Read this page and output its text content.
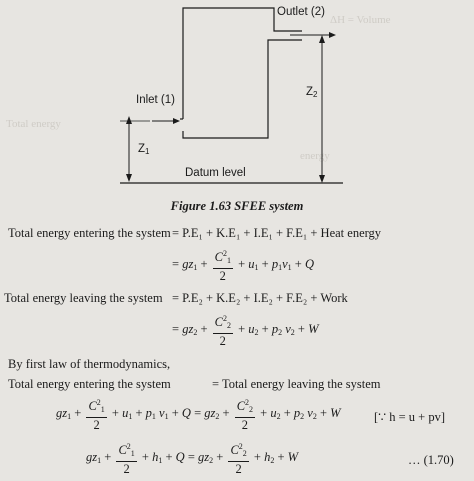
ΔH = Volume
Total energy
energy
Inlet (1)
Outlet (2)
$Z_1$
$Z_2$
Datum level
Figure 1.63 SFEE system
Total energy entering the system = P.E₁ + K.E₁ + I.E₁ + F.E₁ + Heat energy
= $gz_1 + \frac{C^2_1}{2} + u_1 + p_1v_1 + Q$
Total energy leaving the system = P.E₂ + K.E₂ + I.E₂ + F.E₂ + Work
= $gz_2 + \frac{C^2_2}{2} + u_2 + p_2$ $v_2 + W$
By first law of thermodynamics,
Total energy entering the system	= Total energy leaving the system
$gz_1 + \frac{C^2_1}{2} + u_1 + p_1$ $v_1 + Q = gz_2 + \frac{C^2_2}{2} + u_2 + p_2$ $v_2 + W$	[∵ h = u + pv]
$gz_1 + \frac{C^2_1}{2} + h_1 + Q = gz_2 + \frac{C^2_2}{2} + h_2 + W$	… (1.70)
